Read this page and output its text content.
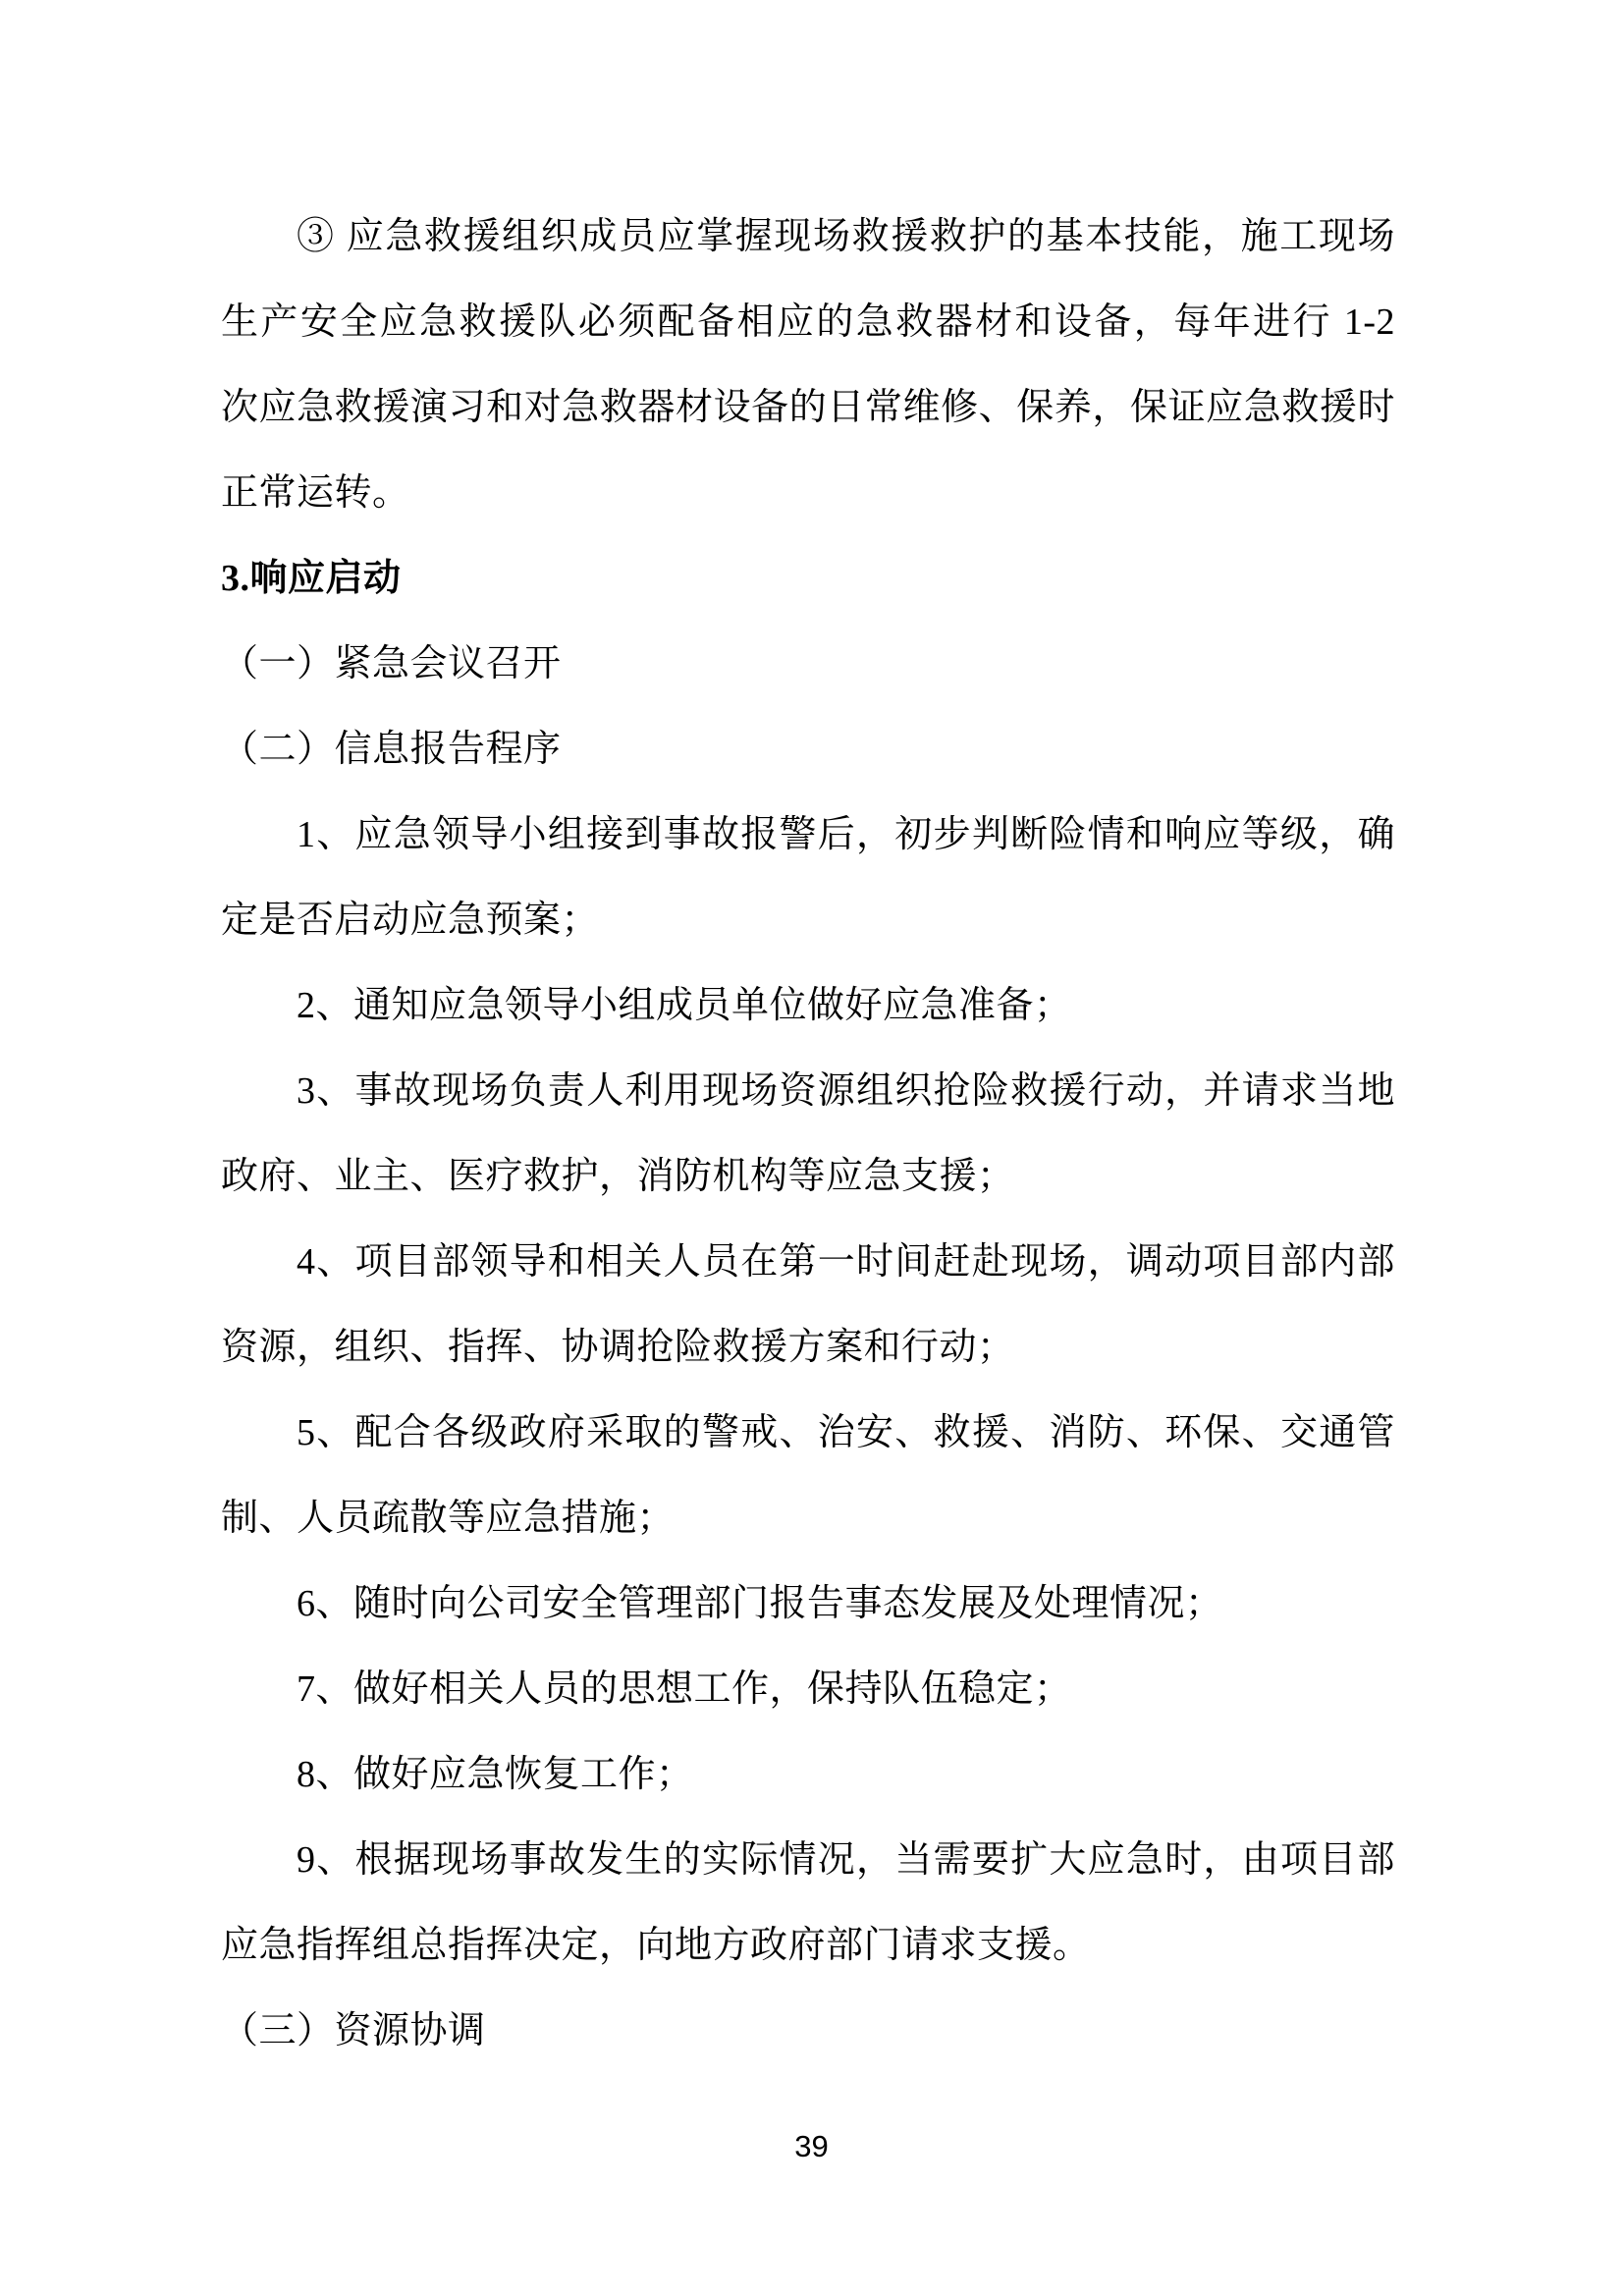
③ 应急救援组织成员应掌握现场救援救护的基本技能，施工现场
生产安全应急救援队必须配备相应的急救器材和设备，每年进行 1-2
次应急救援演习和对急救器材设备的日常维修、保养，保证应急救援时
正常运转。
3.响应启动
（一）紧急会议召开
（二）信息报告程序
1、应急领导小组接到事故报警后，初步判断险情和响应等级，确
定是否启动应急预案；
2、通知应急领导小组成员单位做好应急准备；
3、事故现场负责人利用现场资源组织抢险救援行动，并请求当地
政府、业主、医疗救护，消防机构等应急支援；
4、项目部领导和相关人员在第一时间赶赴现场，调动项目部内部
资源，组织、指挥、协调抢险救援方案和行动；
5、配合各级政府采取的警戒、治安、救援、消防、环保、交通管
制、人员疏散等应急措施；
6、随时向公司安全管理部门报告事态发展及处理情况；
7、做好相关人员的思想工作，保持队伍稳定；
8、做好应急恢复工作；
9、根据现场事故发生的实际情况，当需要扩大应急时，由项目部
应急指挥组总指挥决定，向地方政府部门请求支援。
（三）资源协调
39
